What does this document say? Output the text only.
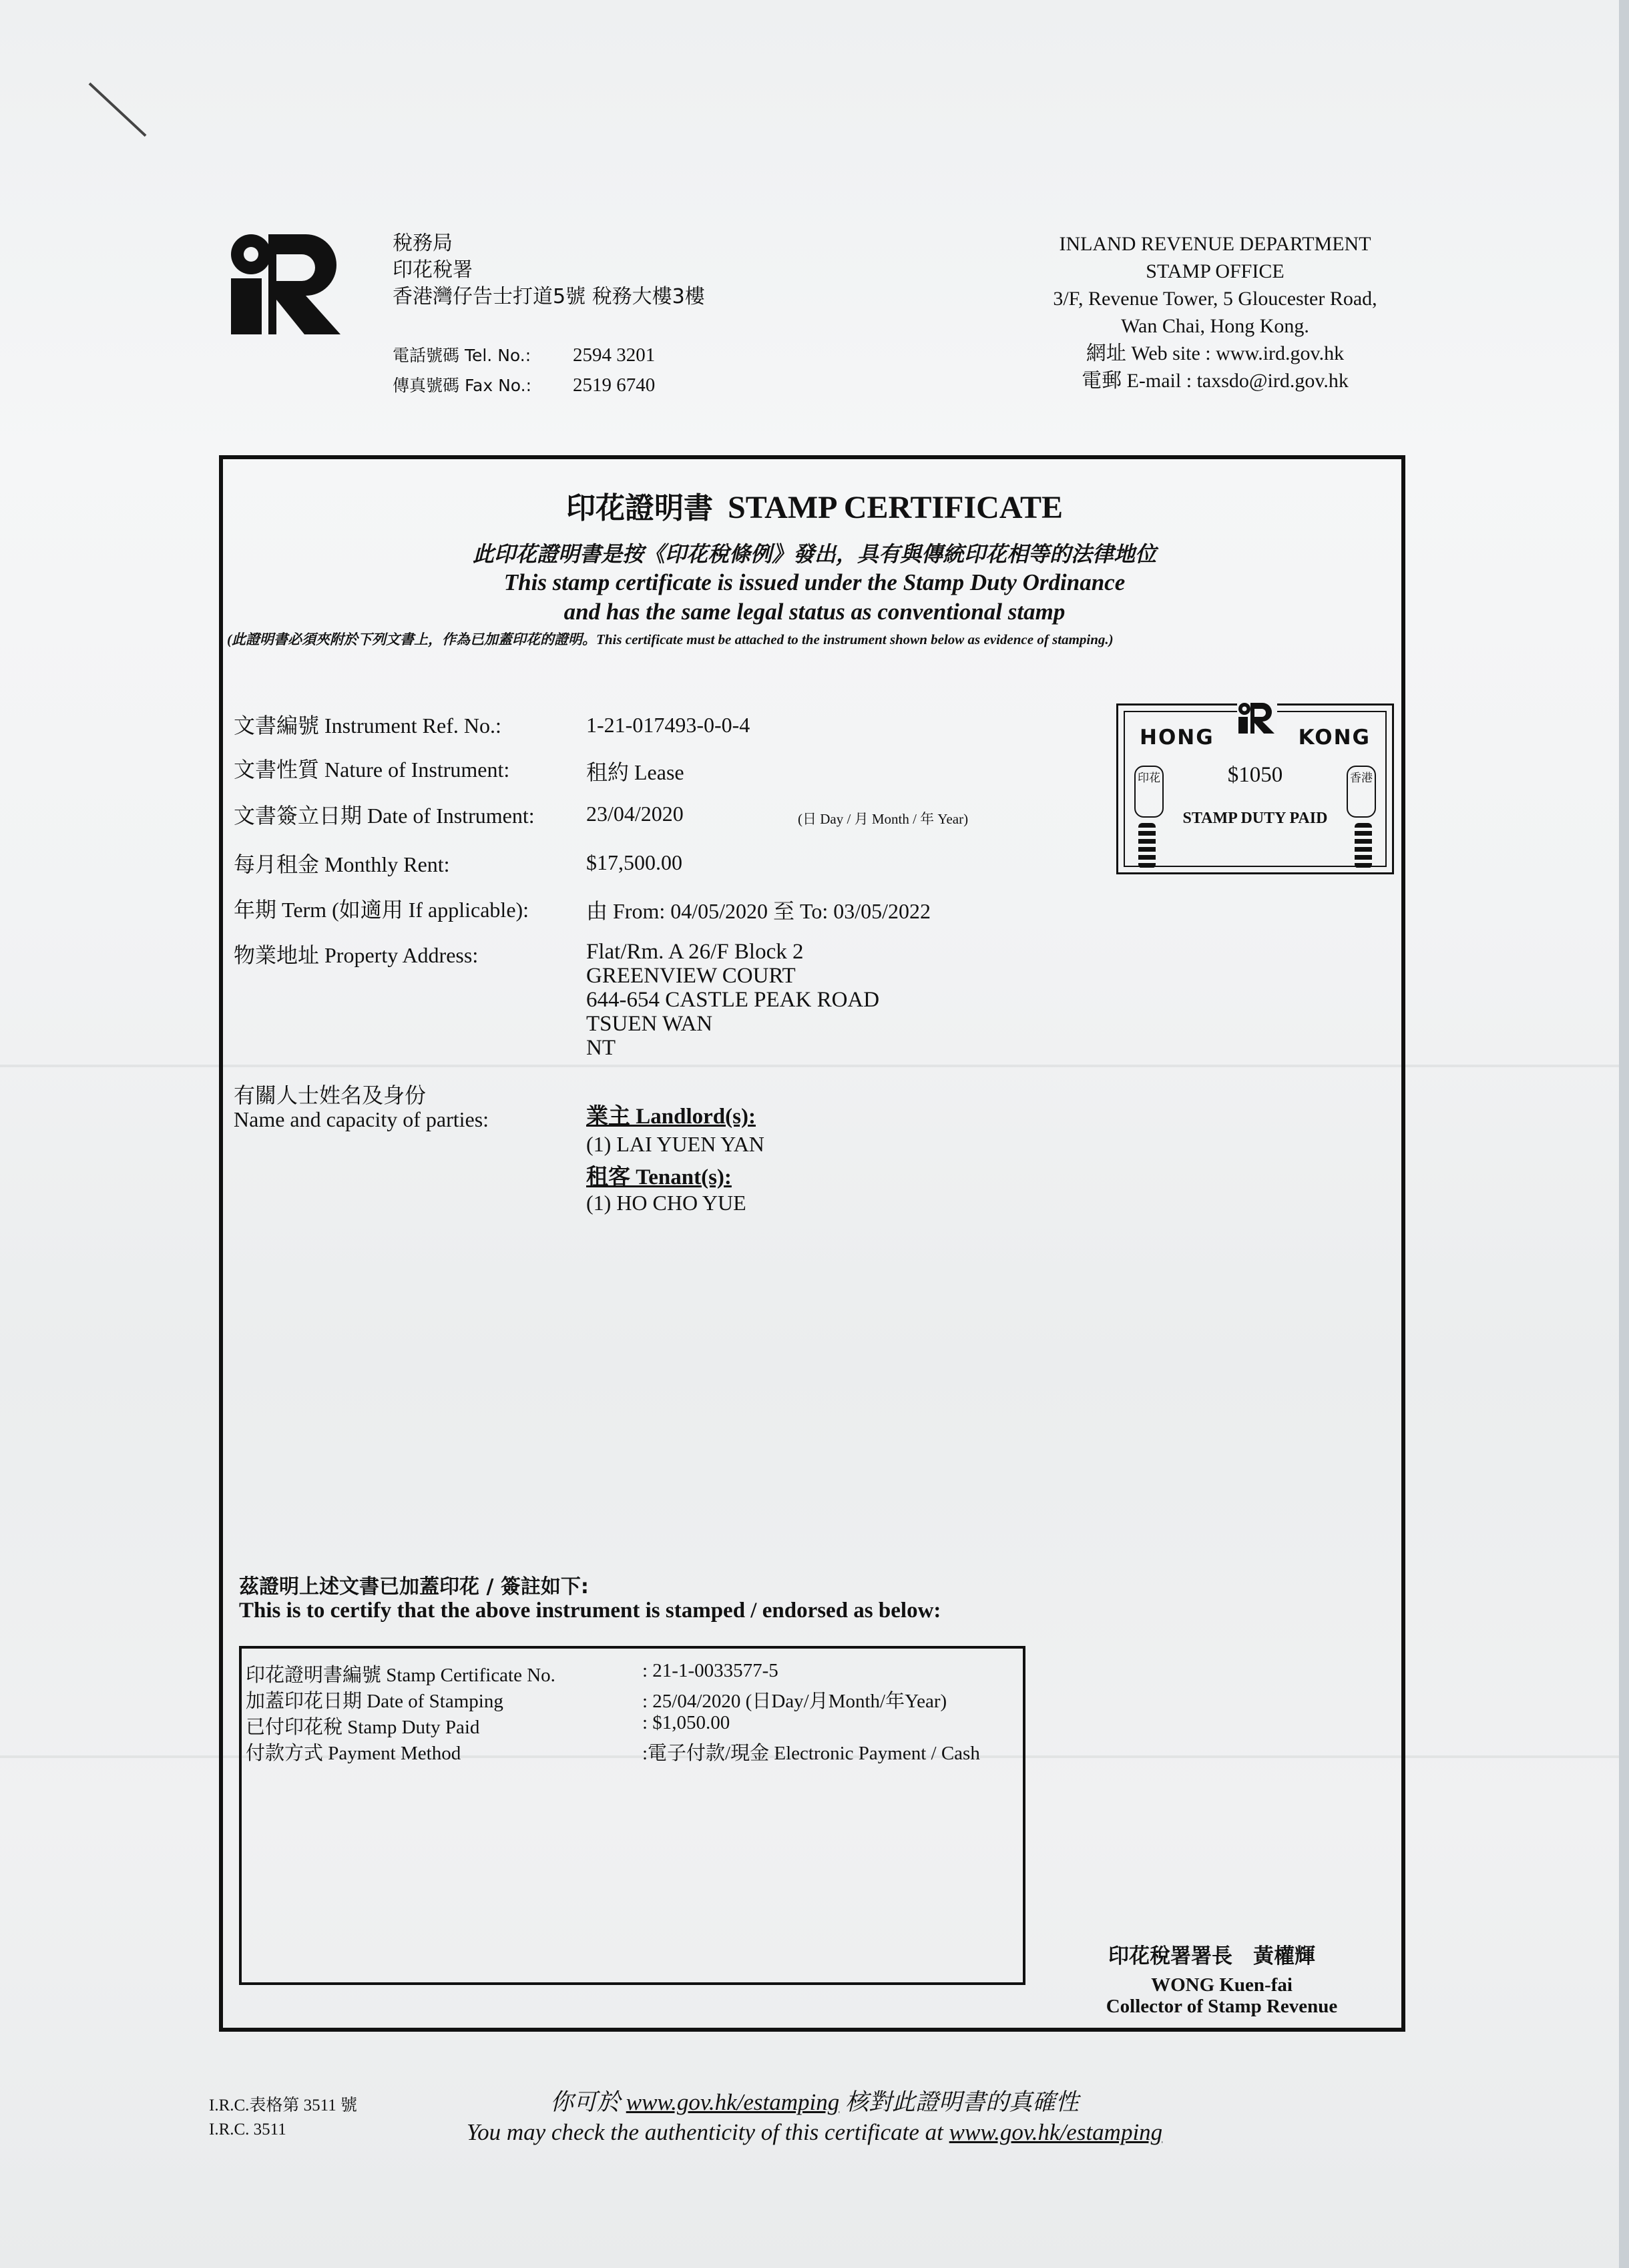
稅務局
印花稅署
香港灣仔告士打道5號 稅務大樓3樓
電話號碼 Tel. No.: 2594 3201
傳真號碼 Fax No.: 2519 6740
INLAND REVENUE DEPARTMENT
STAMP OFFICE
3/F, Revenue Tower, 5 Gloucester Road,
Wan Chai, Hong Kong.
網址 Web site : www.ird.gov.hk
電郵 E-mail : taxsdo@ird.gov.hk
印花證明書 STAMP CERTIFICATE
此印花證明書是按《印花稅條例》發出，具有與傳統印花相等的法律地位
This stamp certificate is issued under the Stamp Duty Ordinance
and has the same legal status as conventional stamp
(此證明書必須夾附於下列文書上，作為已加蓋印花的證明。This certificate must be attached to the instrument shown below as evidence of stamping.)
文書編號 Instrument Ref. No.:	1-21-017493-0-0-4
文書性質 Nature of Instrument:	租約 Lease
文書簽立日期 Date of Instrument: 23/04/2020	(日 Day / 月 Month / 年 Year)
每月租金 Monthly Rent:	$17,500.00
年期 Term (如適用 If applicable):	由 From: 04/05/2020 至 To: 03/05/2022
物業地址 Property Address:	Flat/Rm. A 26/F Block 2
GREENVIEW COURT
644-654 CASTLE PEAK ROAD
TSUEN WAN
NT
HONG	KONG
$1050
STAMP DUTY PAID
印花	香港
有關人士姓名及身份
Name and capacity of parties:	業主 Landlord(s):
(1) LAI YUEN YAN
租客 Tenant(s):
(1) HO CHO YUE
茲證明上述文書已加蓋印花 / 簽註如下:
This is to certify that the above instrument is stamped / endorsed as below:
印花證明書編號 Stamp Certificate No.	: 21-1-0033577-5
加蓋印花日期 Date of Stamping	: 25/04/2020 (日Day/月Month/年Year)
已付印花稅 Stamp Duty Paid	: $1,050.00
付款方式 Payment Method	:電子付款/現金 Electronic Payment / Cash
印花稅署署長　黃權輝
WONG Kuen-fai
Collector of Stamp Revenue
I.R.C.表格第 3511 號
I.R.C. 3511
你可於 www.gov.hk/estamping 核對此證明書的真確性
You may check the authenticity of this certificate at www.gov.hk/estamping
